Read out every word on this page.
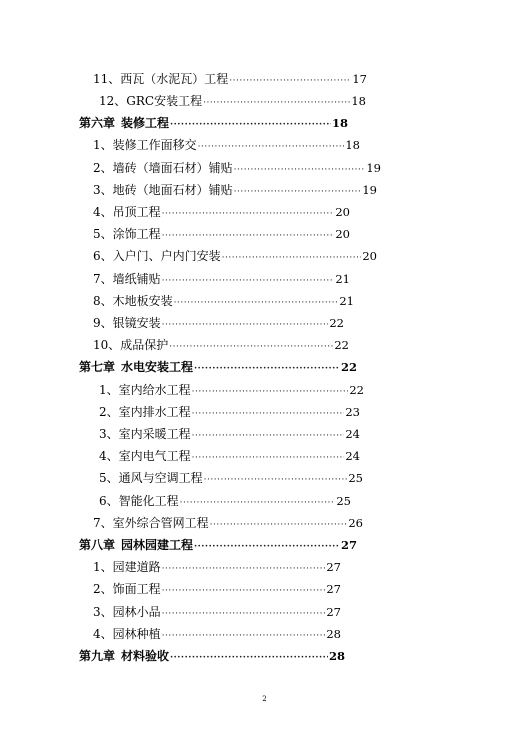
11、 西瓦（水泥瓦）工程 ·····	17
12、 GRC安装工程 ·····	18
第六章 装修工程 ·····	18
1、 装修工作面移交 ·····	18
2、 墙砖（墙面石材）铺贴 ·····	19
3、 地砖（地面石材）铺贴 ·····	19
4、 吊顶工程 ·····	20
5、 涂饰工程 ·····	20
6、 入户门、户内门安装 ·····	20
7、 墙纸铺贴 ·····	21
8、 木地板安装 ·····	21
9、 银镜安装 ·····	22
10、 成品保护 ·····	22
第七章 水电安装工程 ·····	22
1、 室内给水工程 ·····	22
2、 室内排水工程 ·····	23
3、 室内采暖工程 ·····	24
4、 室内电气工程 ·····	24
5、 通风与空调工程 ·····	25
6、 智能化工程 ·····	25
7、 室外综合管网工程 ·····	26
第八章 园林园建工程 ·····	27
1、 园建道路 ·····	27
2、 饰面工程 ·····	27
3、 园林小品 ·····	27
4、 园林种植 ·····	28
第九章 材料验收 ·····	28
2
